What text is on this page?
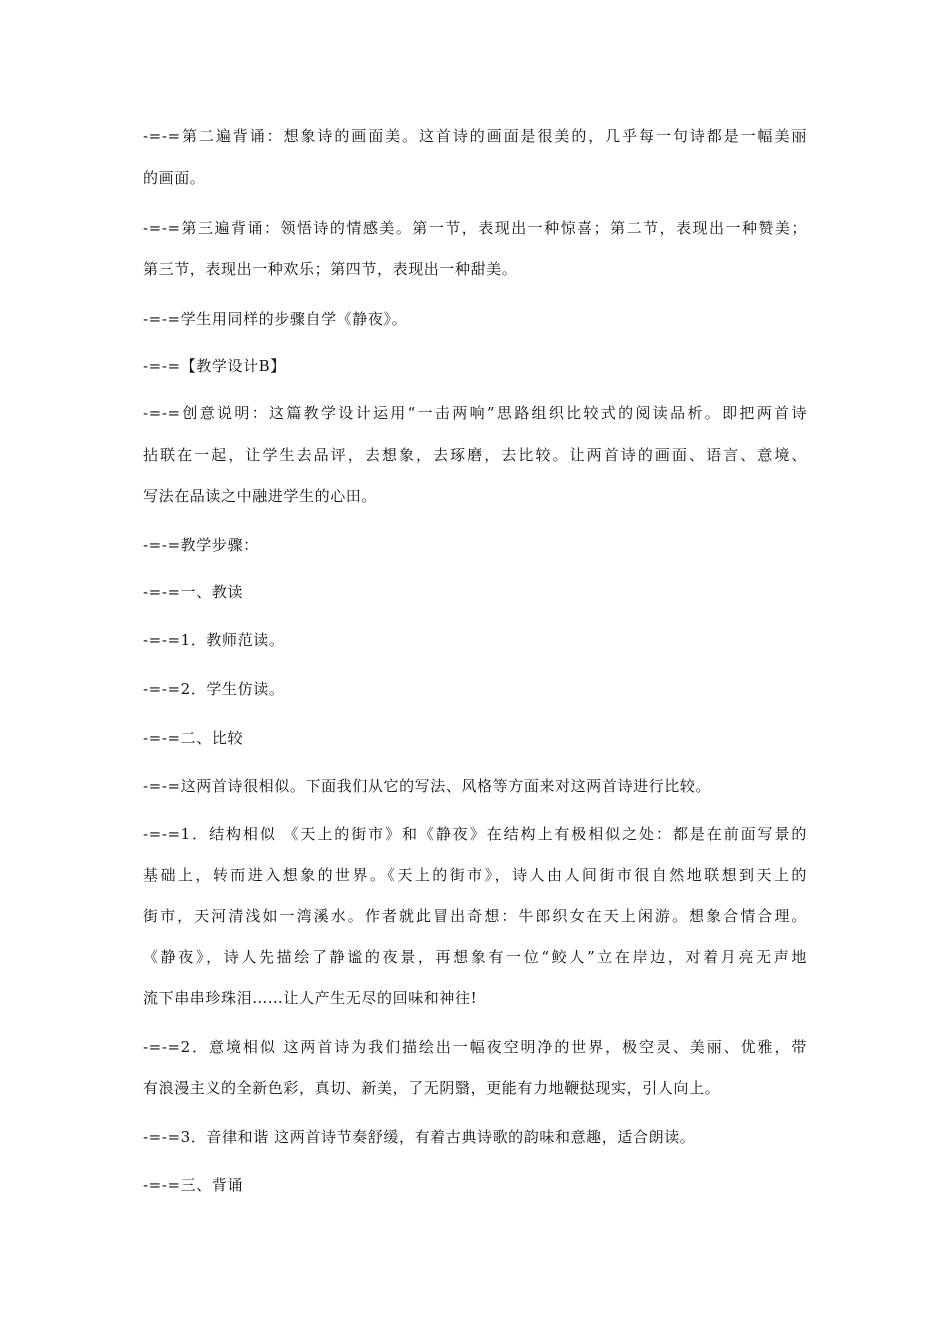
-=-=第二遍背诵：想象诗的画面美。这首诗的画面是很美的，几乎每一句诗都是一幅美丽
的画面。
-=-=第三遍背诵：领悟诗的情感美。第一节，表现出一种惊喜；第二节，表现出一种赞美；
第三节，表现出一种欢乐；第四节，表现出一种甜美。
-=-=学生用同样的步骤自学《静夜》。
-=-=【教学设计B】
-=-=创意说明：这篇教学设计运用“一击两响”思路组织比较式的阅读品析。即把两首诗
拈联在一起，让学生去品评，去想象，去琢磨，去比较。让两首诗的画面、语言、意境、
写法在品读之中融进学生的心田。
-=-=教学步骤：
-=-=一、教读
-=-=1．教师范读。
-=-=2．学生仿读。
-=-=二、比较
-=-=这两首诗很相似。下面我们从它的写法、风格等方面来对这两首诗进行比较。
-=-=1．结构相似 《天上的街市》和《静夜》在结构上有极相似之处：都是在前面写景的
基础上，转而进入想象的世界。《天上的街市》，诗人由人间街市很自然地联想到天上的
街市，天河清浅如一湾溪水。作者就此冒出奇想：牛郎织女在天上闲游。想象合情合理。
《静夜》，诗人先描绘了静谧的夜景，再想象有一位“鲛人”立在岸边，对着月亮无声地
流下串串珍珠泪……让人产生无尽的回味和神往!
-=-=2．意境相似 这两首诗为我们描绘出一幅夜空明净的世界，极空灵、美丽、优雅，带
有浪漫主义的全新色彩，真切、新美，了无阴翳，更能有力地鞭挞现实，引人向上。
-=-=3．音律和谐 这两首诗节奏舒缓，有着古典诗歌的韵味和意趣，适合朗读。
-=-=三、背诵
